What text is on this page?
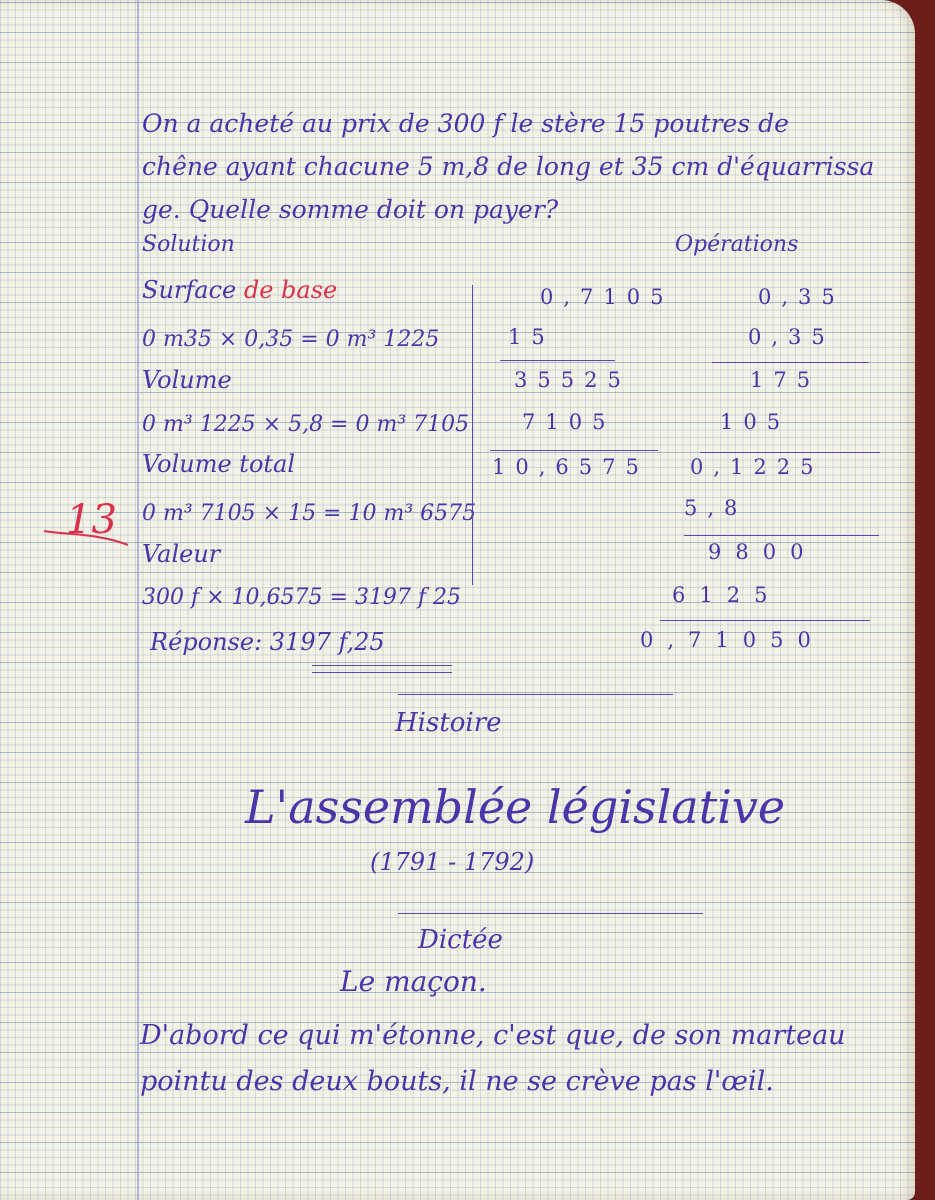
On a acheté au prix de 300 f le stère 15 poutres de
chêne ayant chacune 5 m,8 de long et 35 cm d'équarrissa
ge. Quelle somme doit on payer?
Solution
Surface de base
0 m35 × 0,35 = 0 m³ 1225
Volume
0 m³ 1225 × 5,8 = 0 m³ 7105
Volume total
0 m³ 7105 × 15 = 10 m³ 6575
Valeur
300 f × 10,6575 = 3197 f 25
Réponse: 3197 f,25
13
Opérations
0,7105
15
35525
7105
10,6575
0,35
0,35
175
105
0,1225
5,8
9800
6125
0,71050
Histoire
L'assemblée législative
(1791 - 1792)
Dictée
Le maçon.
D'abord ce qui m'étonne, c'est que, de son marteau
pointu des deux bouts, il ne se crève pas l'œil.
